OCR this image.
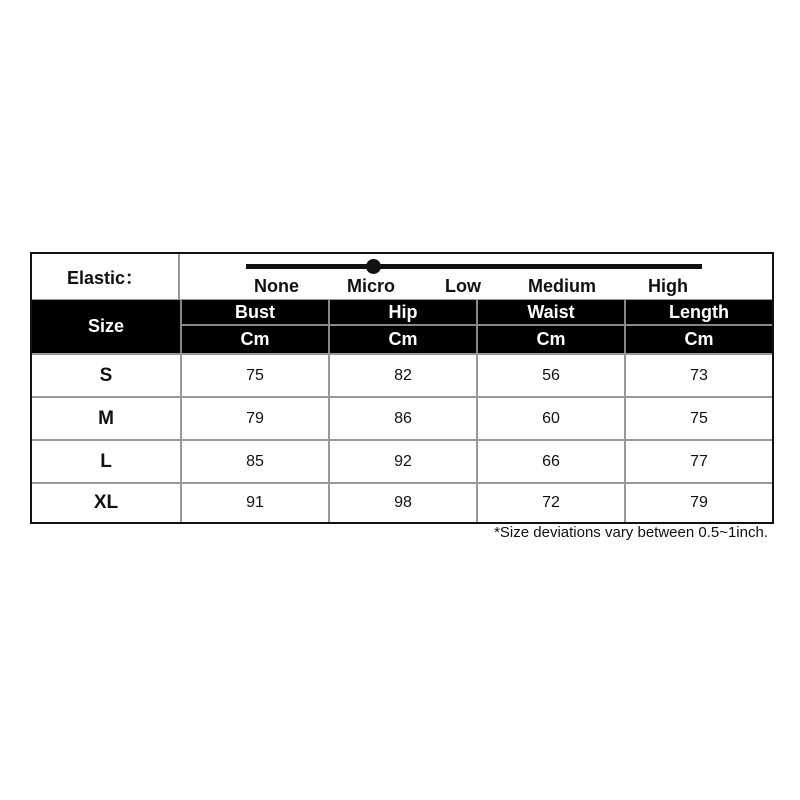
Elastic：	None	Micro	Low	Medium	High
Size
Bust	Hip	Waist	Length
Cm	Cm	Cm	Cm
S	75	82	56	73
M	79	86	60	75
L	85	92	66	77
XL	91	98	72	79
*Size deviations vary between 0.5~1inch.
